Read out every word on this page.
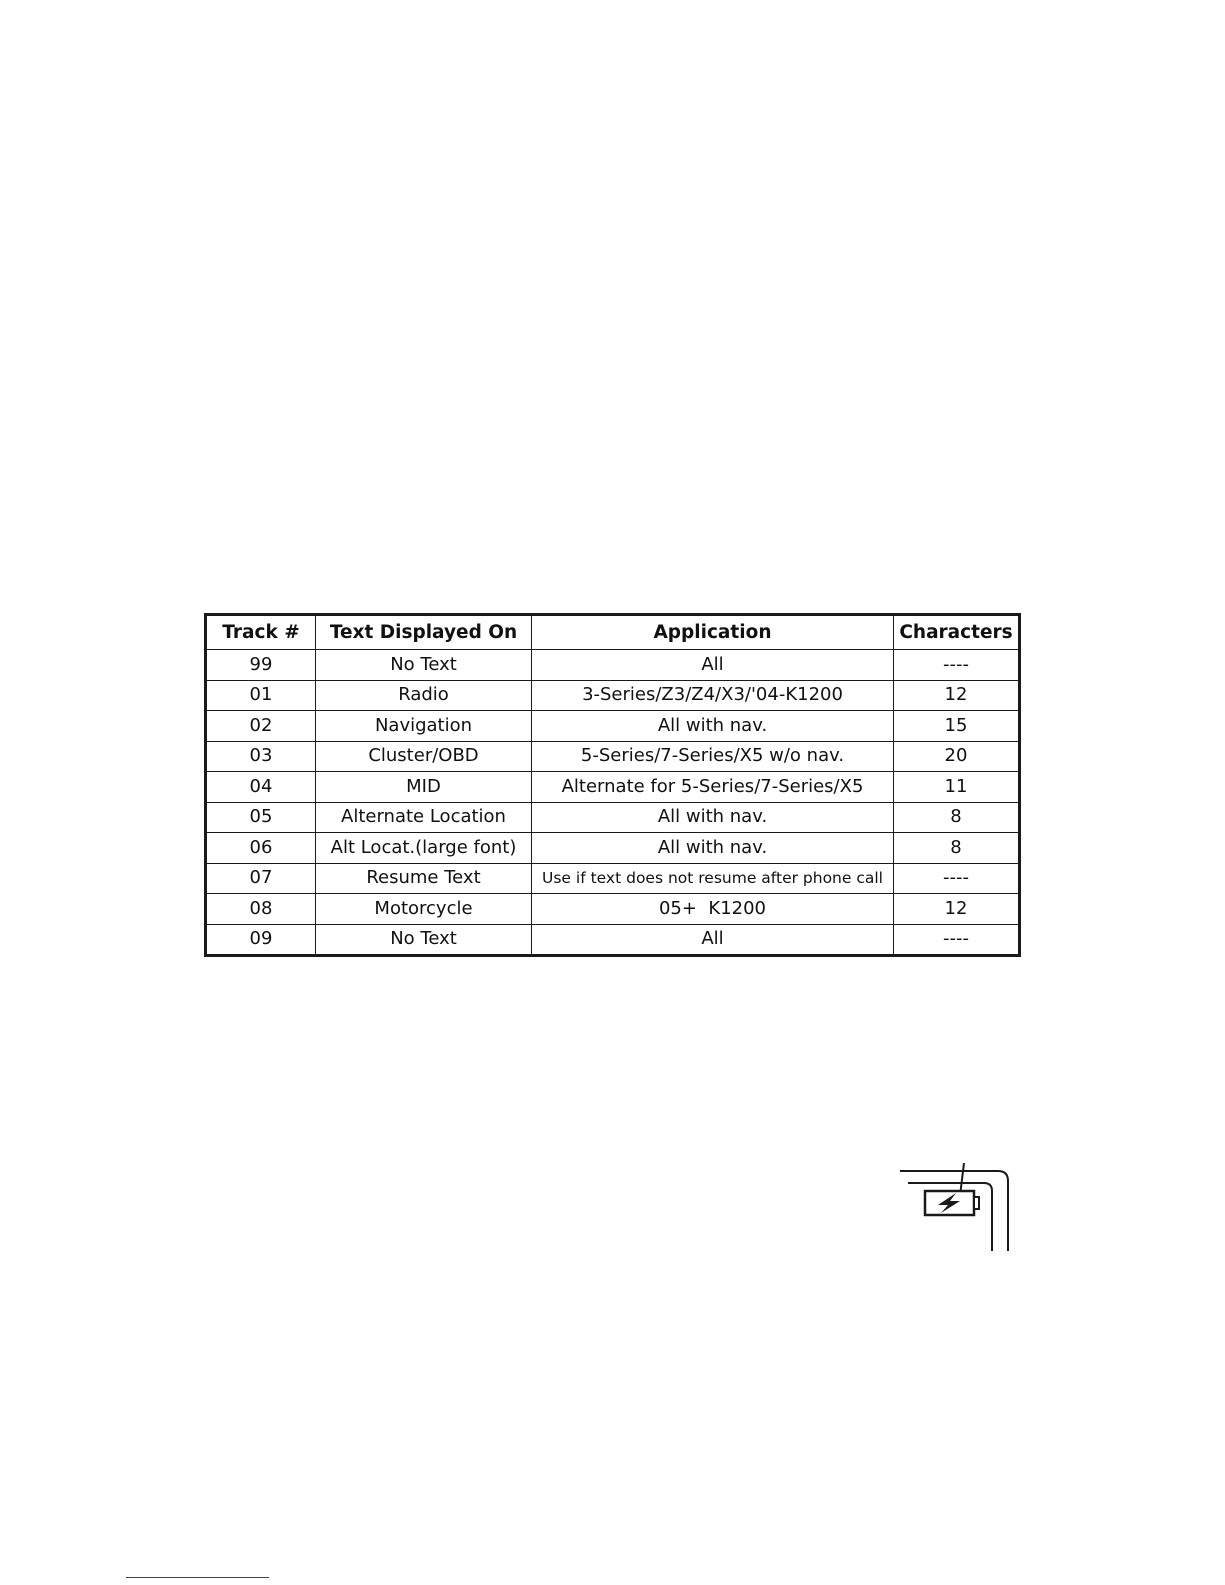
Track #	Text Displayed On	Application	Characters
99	No Text	All	----
01	Radio	3-Series/Z3/Z4/X3/'04-K1200	12
02	Navigation	All with nav.	15
03	Cluster/OBD	5-Series/7-Series/X5 w/o nav.	20
04	MID	Alternate for 5-Series/7-Series/X5	11
05	Alternate Location	All with nav.	8
06	Alt Locat.(large font)	All with nav.	8
07	Resume Text	Use if text does not resume after phone call	----
08	Motorcycle	05+  K1200	12
09	No Text	All	----
